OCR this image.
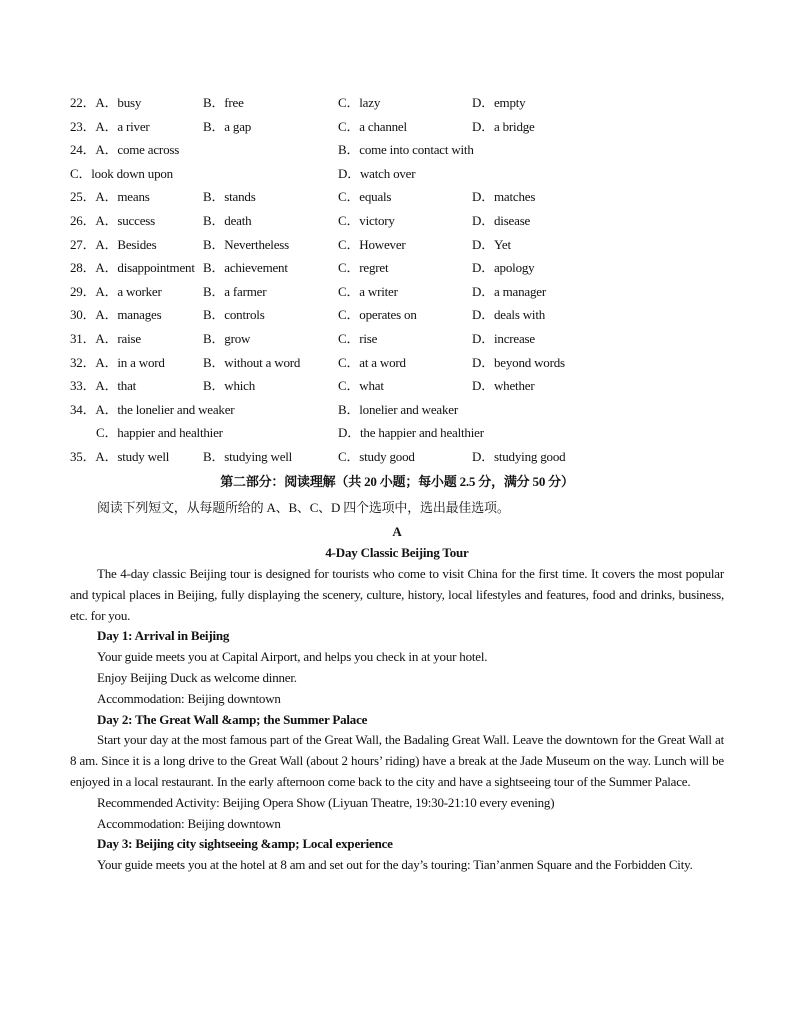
22．A．busy	B．free	C．lazy	D．empty
23．A．a river	B．a gap	C．a channel	D．a bridge
24．A．come across	B．come into contact with
C．look down upon	D．watch over
25．A．means	B．stands	C．equals	D．matches
26．A．success	B．death	C．victory	D．disease
27．A．Besides	B．Nevertheless	C．However	D．Yet
28．A．disappointment B．achievement	C．regret	D．apology
29．A．a worker	B．a farmer	C．a writer	D．a manager
30．A．manages	B．controls	C．operates on	D．deals with
31．A．raise	B．grow	C．rise	D．increase
32．A．in a word	B．without a word	C．at a word	D．beyond words
33．A．that	B．which	C．what	D．whether
34．A．the lonelier and weaker	B．lonelier and weaker
C．happier and healthier	D．the happier and healthier
35．A．study well	B．studying well	C．study good	D．studying good
第二部分：阅读理解（共 20 小题；每小题 2.5 分，满分 50 分）
阅读下列短文，从每题所给的 A、B、C、D 四个选项中，选出最佳选项。
A
4-Day Classic Beijing Tour

The 4-day classic Beijing tour is designed for tourists who come to visit China for the first time. It covers the most popular and typical places in Beijing, fully displaying the scenery, culture, history, local lifestyles and features, food and drinks, business, etc. for you.

Day 1: Arrival in Beijing

Your guide meets you at Capital Airport, and helps you check in at your hotel.

Enjoy Beijing Duck as welcome dinner.

Accommodation: Beijing downtown

Day 2: The Great Wall &amp; the Summer Palace

Start your day at the most famous part of the Great Wall, the Badaling Great Wall. Leave the downtown for the Great Wall at 8 am. Since it is a long drive to the Great Wall (about 2 hours’ riding) have a break at the Jade Museum on the way. Lunch will be enjoyed in a local restaurant. In the early afternoon come back to the city and have a sightseeing tour of the Summer Palace.

Recommended Activity: Beijing Opera Show (Liyuan Theatre, 19:30-21:10 every evening)

Accommodation: Beijing downtown

Day 3: Beijing city sightseeing &amp; Local experience

Your guide meets you at the hotel at 8 am and set out for the day’s touring: Tian’anmen Square and the Forbidden City.
